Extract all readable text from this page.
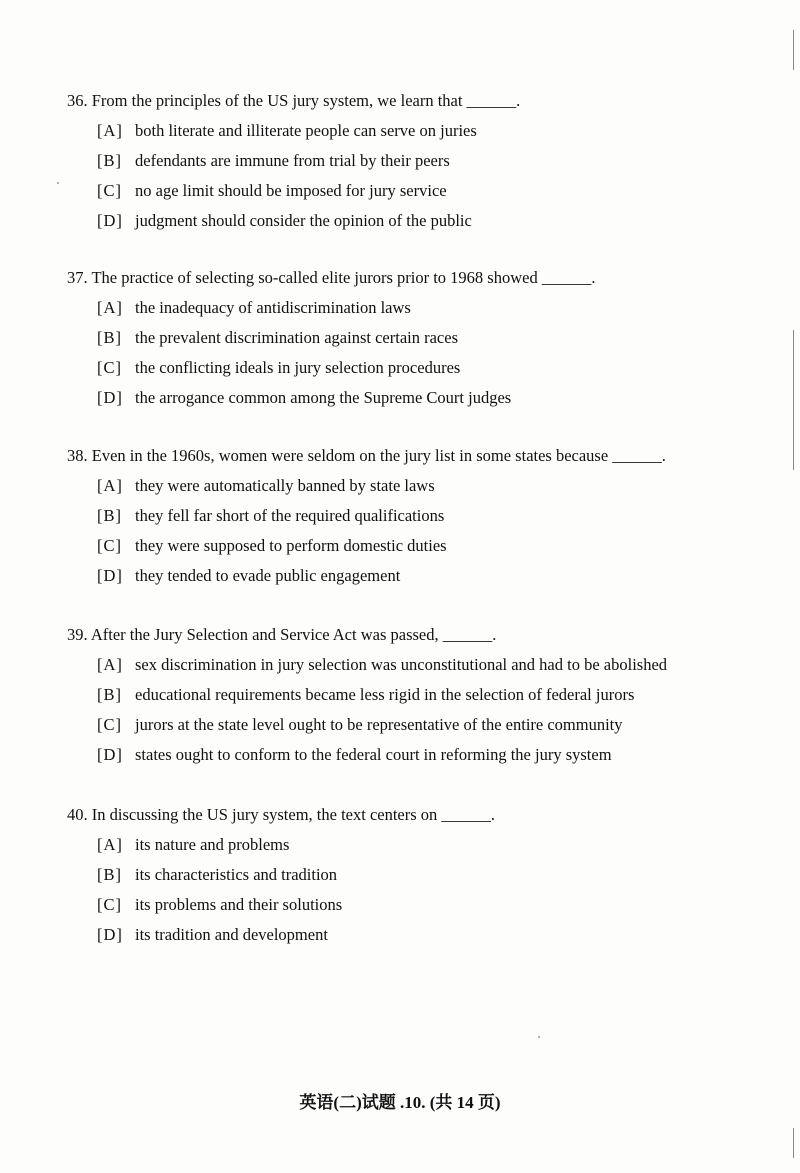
36. From the principles of the US jury system, we learn that ______.
[A] both literate and illiterate people can serve on juries
[B] defendants are immune from trial by their peers
[C] no age limit should be imposed for jury service
[D] judgment should consider the opinion of the public
37. The practice of selecting so-called elite jurors prior to 1968 showed ______.
[A] the inadequacy of antidiscrimination laws
[B] the prevalent discrimination against certain races
[C] the conflicting ideals in jury selection procedures
[D] the arrogance common among the Supreme Court judges
38. Even in the 1960s, women were seldom on the jury list in some states because ______.
[A] they were automatically banned by state laws
[B] they fell far short of the required qualifications
[C] they were supposed to perform domestic duties
[D] they tended to evade public engagement
39. After the Jury Selection and Service Act was passed, ______.
[A] sex discrimination in jury selection was unconstitutional and had to be abolished
[B] educational requirements became less rigid in the selection of federal jurors
[C] jurors at the state level ought to be representative of the entire community
[D] states ought to conform to the federal court in reforming the jury system
40. In discussing the US jury system, the text centers on ______.
[A] its nature and problems
[B] its characteristics and tradition
[C] its problems and their solutions
[D] its tradition and development
英语(二)试题 .10. (共 14 页)
